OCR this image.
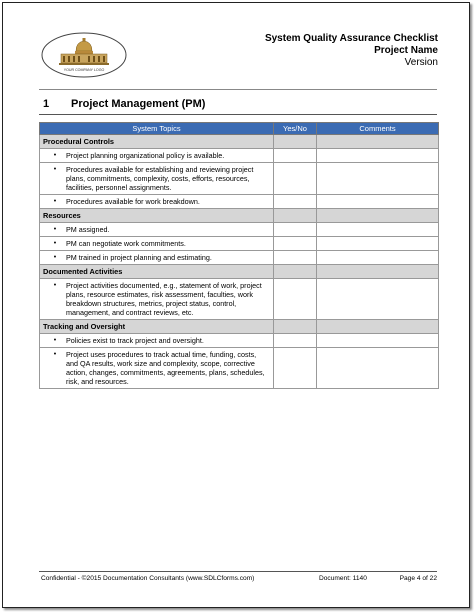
YOUR COMPANY LOGO
System Quality Assurance Checklist
Project Name
Version
1 Project Management (PM)
System Topics	Yes/No	Comments
Procedural Controls		

• Project planning organizational policy is available.		

• Procedures available for establishing and reviewing project plans, commitments, complexity, costs, efforts, resources, facilities, personnel assignments.		

• Procedures available for work breakdown.		

Resources		

• PM assigned.		

• PM can negotiate work commitments.		

• PM trained in project planning and estimating.		

Documented Activities		

• Project activities documented, e.g., statement of work, project plans, resource estimates, risk assessment, faculties, work breakdown structures, metrics, project status, control, management, and contract reviews, etc.		

Tracking and Oversight		

• Policies exist to track project and oversight.		

• Project uses procedures to track actual time, funding, costs, and QA results, work size and complexity, scope, corrective action, changes, commitments, agreements, plans, schedules, risk, and resources.		

Confidential - ©2015 Documentation Consultants (www.SDLCforms.com)	Document: 1140	Page 4 of 22
